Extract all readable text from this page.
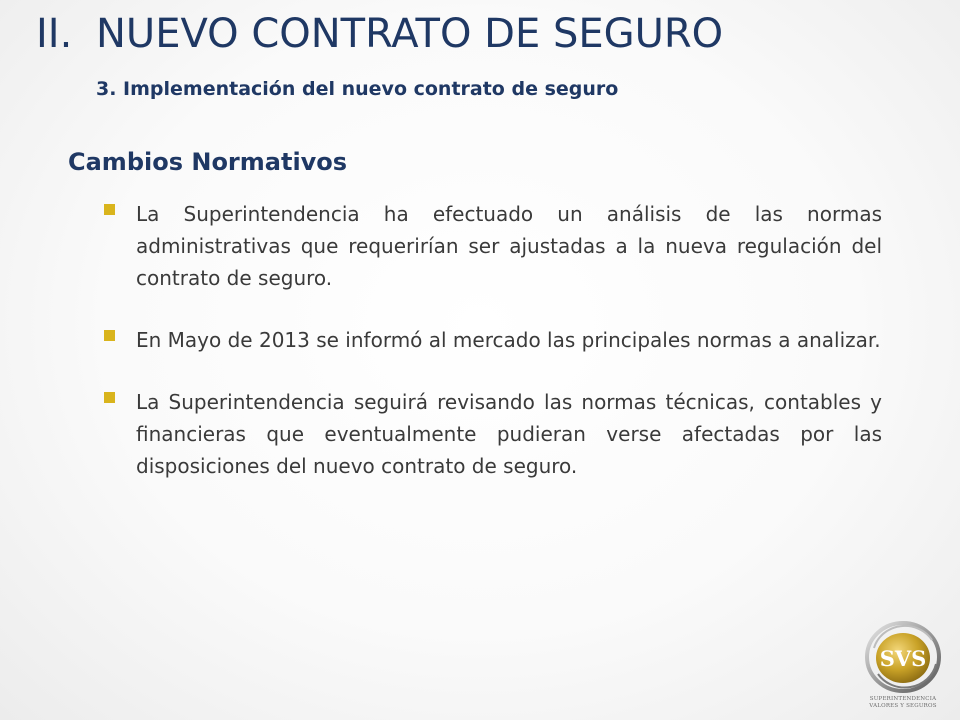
II. NUEVO CONTRATO DE SEGURO
3. Implementación del nuevo contrato de seguro
Cambios Normativos
La Superintendencia ha efectuado un análisis de las normas administrativas que requerirían ser ajustadas a la nueva regulación del contrato de seguro.
En Mayo de 2013 se informó al mercado las principales normas a analizar.
La Superintendencia seguirá revisando las normas técnicas, contables y financieras que eventualmente pudieran verse afectadas por las disposiciones del nuevo contrato de seguro.
SVS
SUPERINTENDENCIA
VALORES Y SEGUROS
